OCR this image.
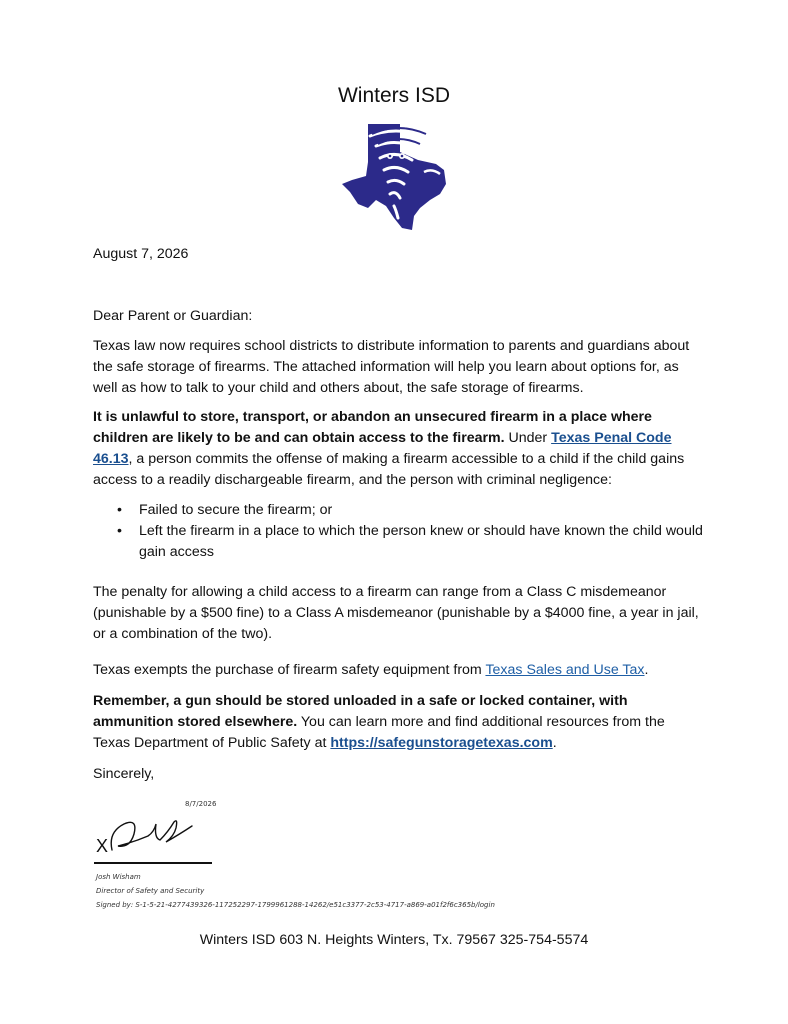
Winters ISD
August 7, 2026
Dear Parent or Guardian:

Texas law now requires school districts to distribute information to parents and guardians about the safe storage of firearms. The attached information will help you learn about options for, as well as how to talk to your child and others about, the safe storage of firearms.

It is unlawful to store, transport, or abandon an unsecured firearm in a place where children are likely to be and can obtain access to the firearm. Under Texas Penal Code 46.13, a person commits the offense of making a firearm accessible to a child if the child gains access to a readily dischargeable firearm, and the person with criminal negligence:

• Failed to secure the firearm; or
• Left the firearm in a place to which the person knew or should have known the child would gain access

The penalty for allowing a child access to a firearm can range from a Class C misdemeanor (punishable by a $500 fine) to a Class A misdemeanor (punishable by a $4000 fine, a year in jail, or a combination of the two).

Texas exempts the purchase of firearm safety equipment from Texas Sales and Use Tax.

Remember, a gun should be stored unloaded in a safe or locked container, with ammunition stored elsewhere. You can learn more and find additional resources from the Texas Department of Public Safety at https://safegunstoragetexas.com.

Sincerely,
8/7/2026
X
Josh Wisham
Director of Safety and Security
Signed by: S-1-5-21-4277439326-117252297-1799961288-14262/e51c3377-2c53-4717-a869-a01f2f6c365b/login
Winters ISD 603 N. Heights Winters, Tx. 79567 325-754-5574
